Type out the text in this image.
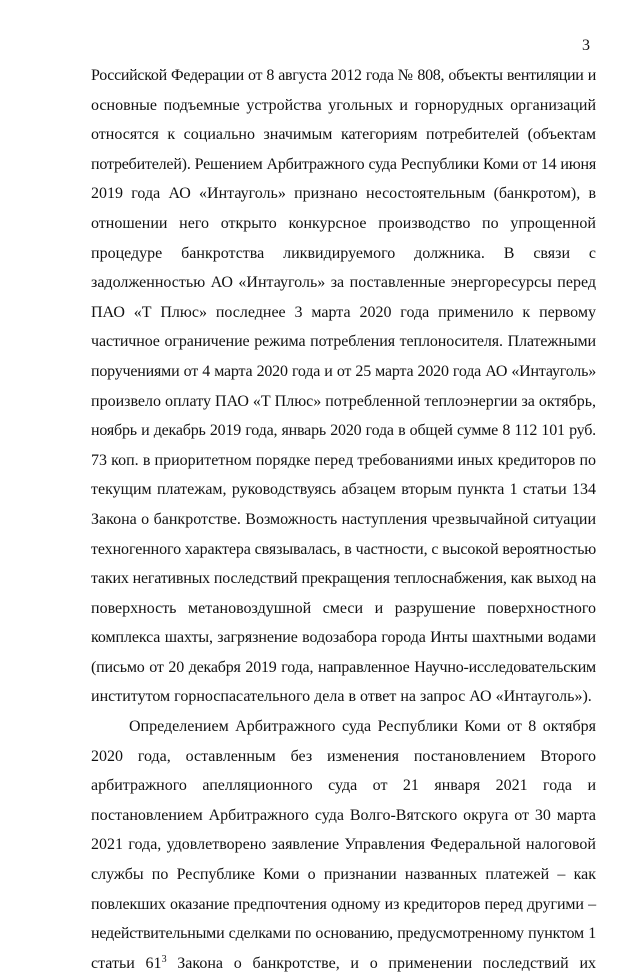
3
Российской Федерации от 8 августа 2012 года № 808, объекты вентиляции и
основные подъемные устройства угольных и горнорудных организаций
относятся к социально значимым категориям потребителей (объектам
потребителей). Решением Арбитражного суда Республики Коми от 14 июня
2019 года АО «Интауголь» признано несостоятельным (банкротом), в
отношении него открыто конкурсное производство по упрощенной
процедуре банкротства ликвидируемого должника. В связи с
задолженностью АО «Интауголь» за поставленные энергоресурсы перед
ПАО «Т Плюс» последнее 3 марта 2020 года применило к первому
частичное ограничение режима потребления теплоносителя. Платежными
поручениями от 4 марта 2020 года и от 25 марта 2020 года АО «Интауголь»
произвело оплату ПАО «Т Плюс» потребленной теплоэнергии за октябрь,
ноябрь и декабрь 2019 года, январь 2020 года в общей сумме 8 112 101 руб.
73 коп. в приоритетном порядке перед требованиями иных кредиторов по
текущим платежам, руководствуясь абзацем вторым пункта 1 статьи 134
Закона о банкротстве. Возможность наступления чрезвычайной ситуации
техногенного характера связывалась, в частности, с высокой вероятностью
таких негативных последствий прекращения теплоснабжения, как выход на
поверхность метановоздушной смеси и разрушение поверхностного
комплекса шахты, загрязнение водозабора города Инты шахтными водами
(письмо от 20 декабря 2019 года, направленное Научно-исследовательским
институтом горноспасательного дела в ответ на запрос АО «Интауголь»).
Определением Арбитражного суда Республики Коми от 8 октября
2020 года, оставленным без изменения постановлением Второго
арбитражного апелляционного суда от 21 января 2021 года и
постановлением Арбитражного суда Волго-Вятского округа от 30 марта
2021 года, удовлетворено заявление Управления Федеральной налоговой
службы по Республике Коми о признании названных платежей – как
повлекших оказание предпочтения одному из кредиторов перед другими –
недействительными сделками по основанию, предусмотренному пунктом 1
статьи 61$^3$ Закона о банкротстве, и о применении последствий их
